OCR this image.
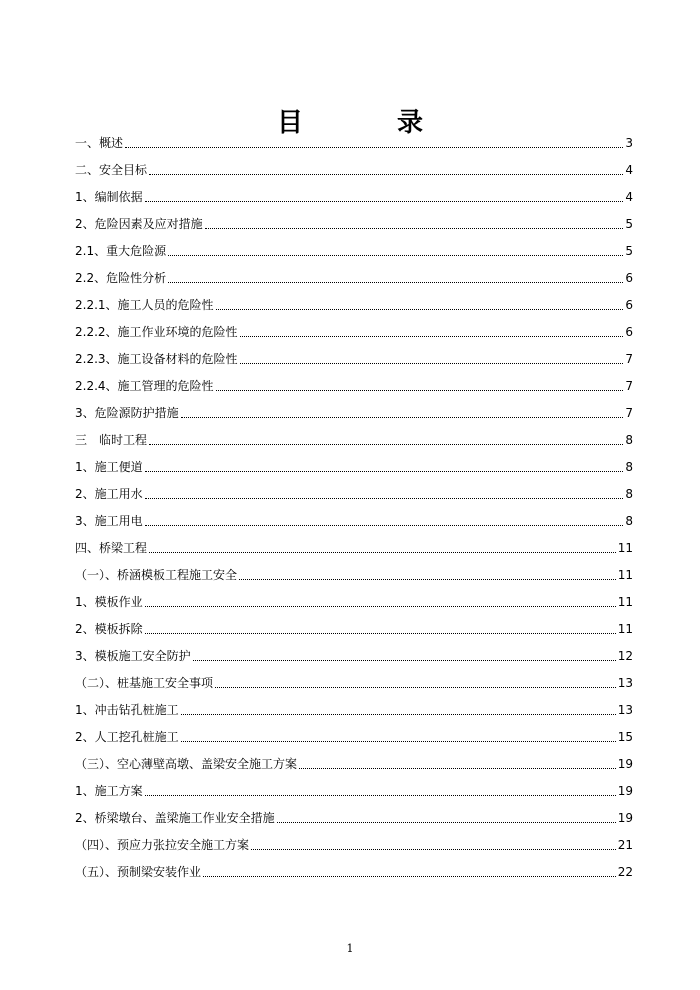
目　录
一、概述	3
二、安全目标	4
1、编制依据	4
2、危险因素及应对措施	5
2.1、重大危险源	5
2.2、危险性分析	6
2.2.1、施工人员的危险性	6
2.2.2、施工作业环境的危险性	6
2.2.3、施工设备材料的危险性	7
2.2.4、施工管理的危险性	7
3、危险源防护措施	7
三　临时工程	8
1、施工便道	8
2、施工用水	8
3、施工用电	8
四、桥梁工程	11
（一）、桥涵模板工程施工安全	11
1、模板作业	11
2、模板拆除	11
3、模板施工安全防护	12
（二）、桩基施工安全事项	13
1、冲击钻孔桩施工	13
2、人工挖孔桩施工	15
（三）、空心薄壁高墩、盖梁安全施工方案	19
1、施工方案	19
2、桥梁墩台、盖梁施工作业安全措施	19
（四）、预应力张拉安全施工方案	21
（五）、预制梁安装作业	22
1
